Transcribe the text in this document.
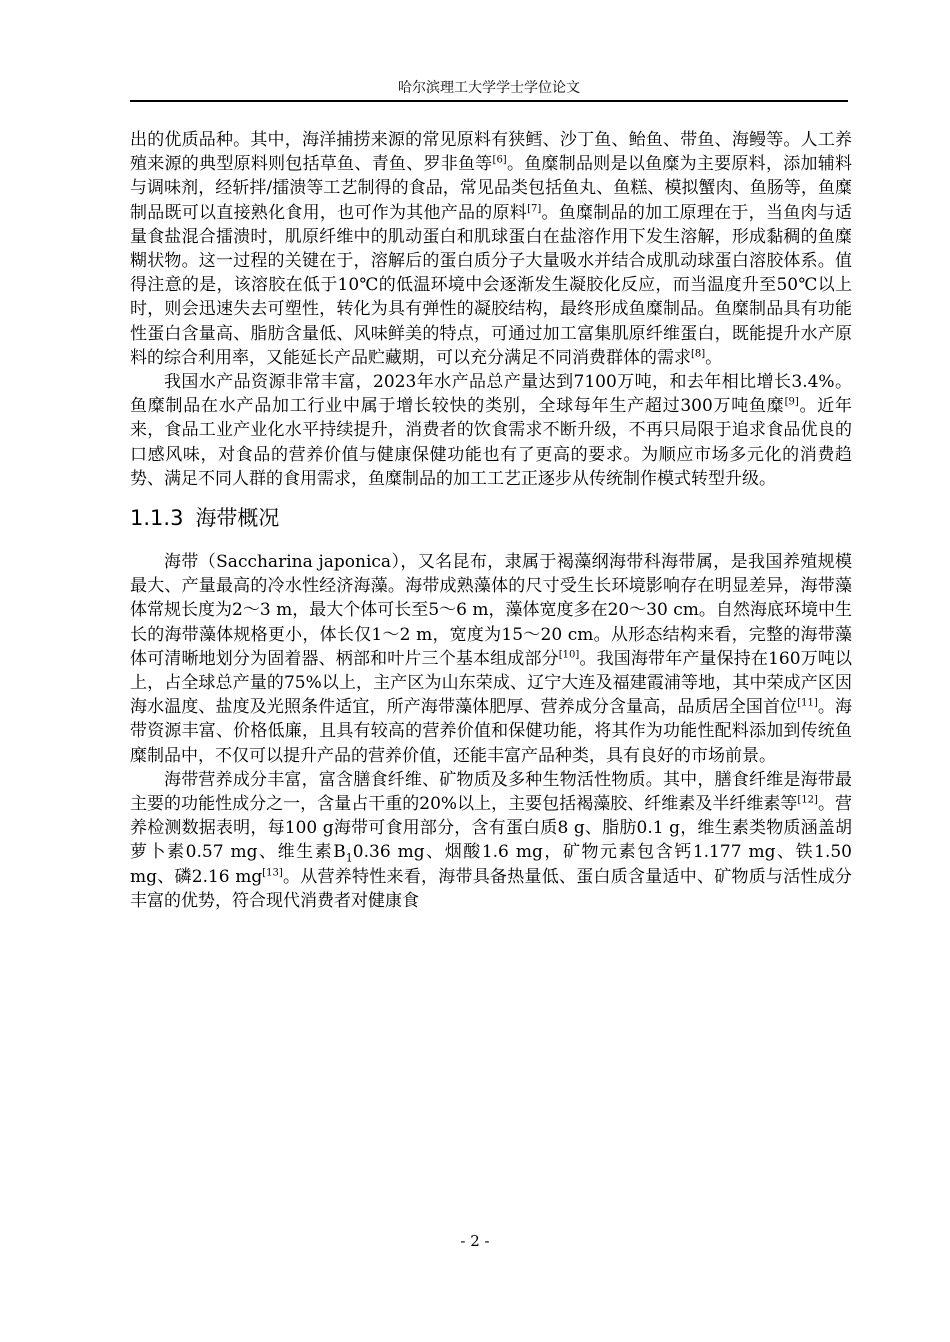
哈尔滨理工大学学士学位论文

出的优质品种。其中，海洋捕捞来源的常见原料有狭鳕、沙丁鱼、鲐鱼、带鱼、海鳗等。人工养殖来源的典型原料则包括草鱼、青鱼、罗非鱼等[6]。鱼糜制品则是以鱼糜为主要原料，添加辅料与调味剂，经斩拌/擂溃等工艺制得的食品，常见品类包括鱼丸、鱼糕、模拟蟹肉、鱼肠等，鱼糜制品既可以直接熟化食用，也可作为其他产品的原料[7]。鱼糜制品的加工原理在于，当鱼肉与适量食盐混合擂溃时，肌原纤维中的肌动蛋白和肌球蛋白在盐溶作用下发生溶解，形成黏稠的鱼糜糊状物。这一过程的关键在于，溶解后的蛋白质分子大量吸水并结合成肌动球蛋白溶胶体系。值得注意的是，该溶胶在低于10℃的低温环境中会逐渐发生凝胶化反应，而当温度升至50℃以上时，则会迅速失去可塑性，转化为具有弹性的凝胶结构，最终形成鱼糜制品。鱼糜制品具有功能性蛋白含量高、脂肪含量低、风味鲜美的特点，可通过加工富集肌原纤维蛋白，既能提升水产原料的综合利用率，又能延长产品贮藏期，可以充分满足不同消费群体的需求[8]。

我国水产品资源非常丰富，2023年水产品总产量达到7100万吨，和去年相比增长3.4%。鱼糜制品在水产品加工行业中属于增长较快的类别，全球每年生产超过300万吨鱼糜[9]。近年来，食品工业产业化水平持续提升，消费者的饮食需求不断升级，不再只局限于追求食品优良的口感风味，对食品的营养价值与健康保健功能也有了更高的要求。为顺应市场多元化的消费趋势、满足不同人群的食用需求，鱼糜制品的加工工艺正逐步从传统制作模式转型升级。

1.1.3 海带概况

海带（Saccharina japonica），又名昆布，隶属于褐藻纲海带科海带属，是我国养殖规模最大、产量最高的冷水性经济海藻。海带成熟藻体的尺寸受生长环境影响存在明显差异，海带藻体常规长度为2～3 m，最大个体可长至5～6 m，藻体宽度多在20～30 cm。自然海底环境中生长的海带藻体规格更小，体长仅1～2 m，宽度为15～20 cm。从形态结构来看，完整的海带藻体可清晰地划分为固着器、柄部和叶片三个基本组成部分[10]。我国海带年产量保持在160万吨以上，占全球总产量的75%以上，主产区为山东荣成、辽宁大连及福建霞浦等地，其中荣成产区因海水温度、盐度及光照条件适宜，所产海带藻体肥厚、营养成分含量高，品质居全国首位[11]。海带资源丰富、价格低廉，且具有较高的营养价值和保健功能，将其作为功能性配料添加到传统鱼糜制品中，不仅可以提升产品的营养价值，还能丰富产品种类，具有良好的市场前景。

海带营养成分丰富，富含膳食纤维、矿物质及多种生物活性物质。其中，膳食纤维是海带最主要的功能性成分之一，含量占干重的20%以上，主要包括褐藻胶、纤维素及半纤维素等[12]。营养检测数据表明，每100 g海带可食用部分，含有蛋白质8 g、脂肪0.1 g，维生素类物质涵盖胡萝卜素0.57 mg、维生素$B_10.36$ mg、烟酸1.6 mg，矿物元素包含钙1.177 mg、铁1.50 mg、磷2.16 mg[13]。从营养特性来看，海带具备热量低、蛋白质含量适中、矿物质与活性成分丰富的优势，符合现代消费者对健康食

- 2 -
